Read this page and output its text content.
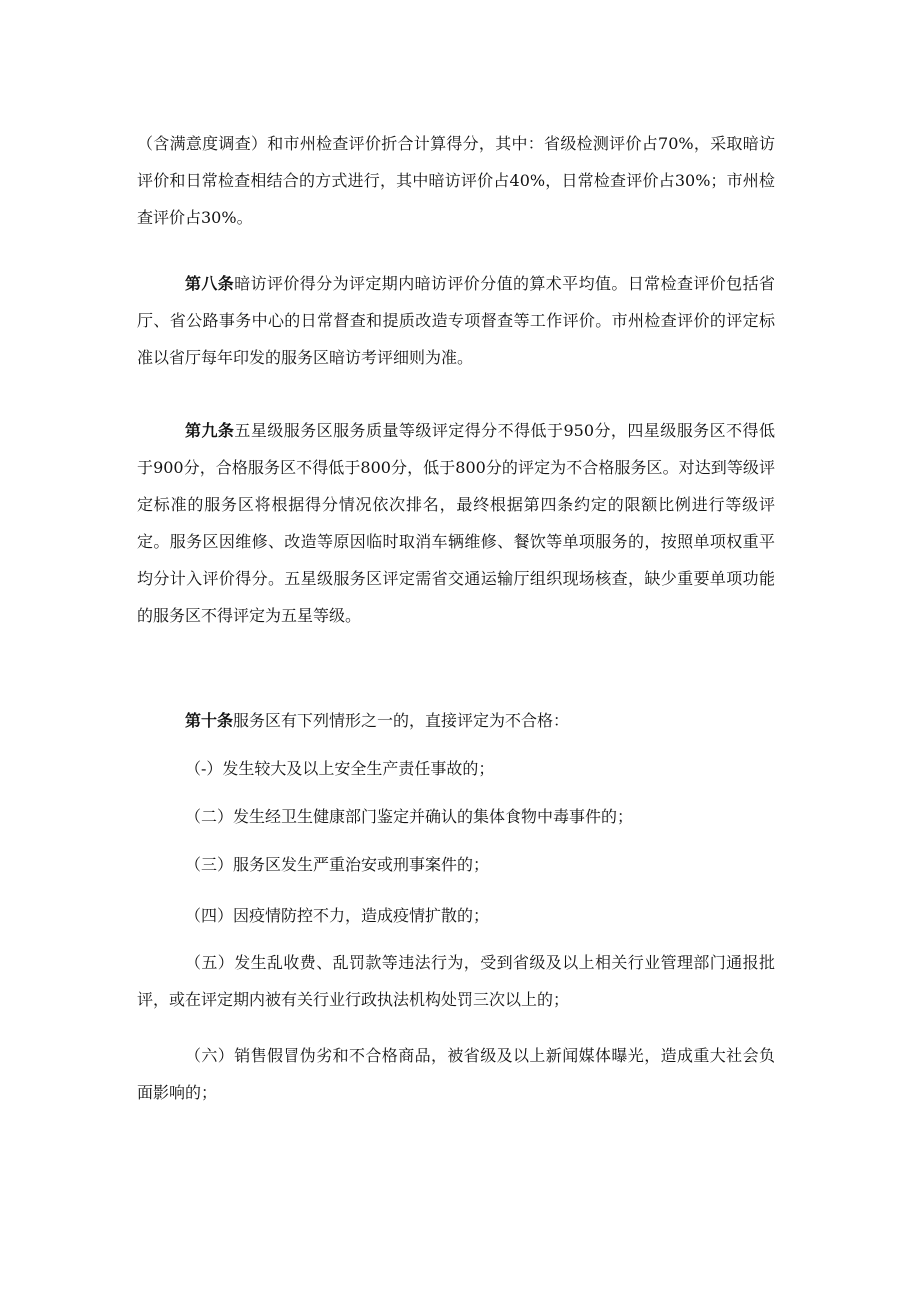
（含满意度调查）和市州检查评价折合计算得分，其中：省级检测评价占70%，采取暗访评价和日常检查相结合的方式进行，其中暗访评价占40%，日常检查评价占30%；市州检查评价占30%。

第八条暗访评价得分为评定期内暗访评价分值的算术平均值。日常检查评价包括省厅、省公路事务中心的日常督查和提质改造专项督查等工作评价。市州检查评价的评定标准以省厅每年印发的服务区暗访考评细则为准。

第九条五星级服务区服务质量等级评定得分不得低于950分，四星级服务区不得低于900分，合格服务区不得低于800分，低于800分的评定为不合格服务区。对达到等级评定标准的服务区将根据得分情况依次排名，最终根据第四条约定的限额比例进行等级评定。服务区因维修、改造等原因临时取消车辆维修、餐饮等单项服务的，按照单项权重平均分计入评价得分。五星级服务区评定需省交通运输厅组织现场核查，缺少重要单项功能的服务区不得评定为五星等级。

第十条服务区有下列情形之一的，直接评定为不合格：

（-）发生较大及以上安全生产责任事故的；

（二）发生经卫生健康部门鉴定并确认的集体食物中毒事件的；

（三）服务区发生严重治安或刑事案件的；

（四）因疫情防控不力，造成疫情扩散的；

（五）发生乱收费、乱罚款等违法行为，受到省级及以上相关行业管理部门通报批评，或在评定期内被有关行业行政执法机构处罚三次以上的；

（六）销售假冒伪劣和不合格商品，被省级及以上新闻媒体曝光，造成重大社会负面影响的；
